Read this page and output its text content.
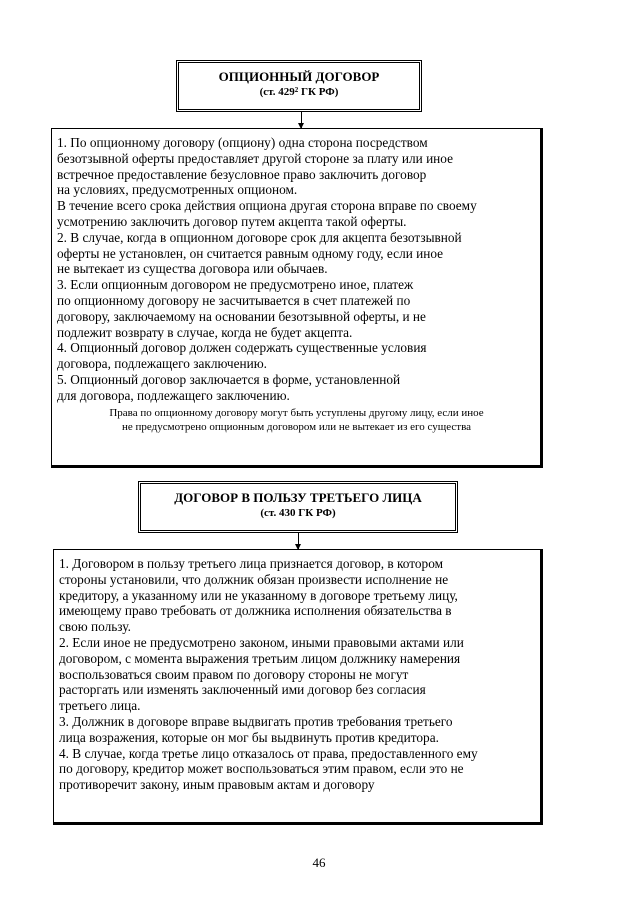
ОПЦИОННЫЙ ДОГОВОР
(ст. $429^2$ ГК РФ)
1. По опционному договору (опциону) одна сторона посредством
безотзывной оферты предоставляет другой стороне за плату или иное
встречное предоставление безусловное право заключить договор
на условиях, предусмотренных опционом.
В течение всего срока действия опциона другая сторона вправе по своему
усмотрению заключить договор путем акцепта такой оферты.
2. В случае, когда в опционном договоре срок для акцепта безотзывной
оферты не установлен, он считается равным одному году, если иное
не вытекает из существа договора или обычаев.
3. Если опционным договором не предусмотрено иное, платеж
по опционному договору не засчитывается в счет платежей по
договору, заключаемому на основании безотзывной оферты, и не
подлежит возврату в случае, когда не будет акцепта.
4. Опционный договор должен содержать существенные условия
договора, подлежащего заключению.
5. Опционный договор заключается в форме, установленной
для договора, подлежащего заключению.
Права по опционному договору могут быть уступлены другому лицу, если иное
не предусмотрено опционным договором или не вытекает из его существа
ДОГОВОР В ПОЛЬЗУ ТРЕТЬЕГО ЛИЦА
(ст. 430 ГК РФ)
1. Договором в пользу третьего лица признается договор, в котором
стороны установили, что должник обязан произвести исполнение не
кредитору, а указанному или не указанному в договоре третьему лицу,
имеющему право требовать от должника исполнения обязательства в
свою пользу.
2. Если иное не предусмотрено законом, иными правовыми актами или
договором, с момента выражения третьим лицом должнику намерения
воспользоваться своим правом по договору стороны не могут
расторгать или изменять заключенный ими договор без согласия
третьего лица.
3. Должник в договоре вправе выдвигать против требования третьего
лица возражения, которые он мог бы выдвинуть против кредитора.
4. В случае, когда третье лицо отказалось от права, предоставленного ему
по договору, кредитор может воспользоваться этим правом, если это не
противоречит закону, иным правовым актам и договору
46
